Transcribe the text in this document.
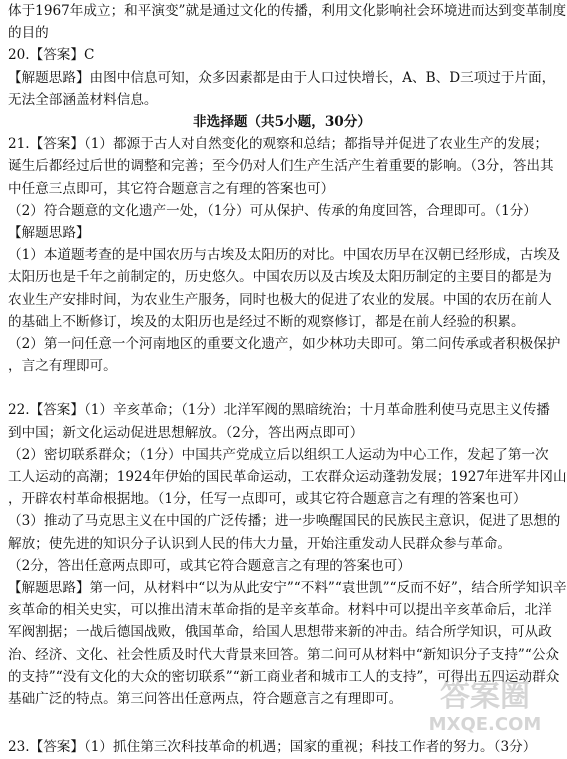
体于1967年成立；和平演变”就是通过文化的传播，利用文化影响社会环境进而达到变革制度

的目的

20.【答案】C

【解题思路】由图中信息可知，众多因素都是由于人口过快增长，A、B、D三项过于片面，

无法全部涵盖材料信息。

非选择题（共5小题，30分）

21.【答案】（1）都源于古人对自然变化的观察和总结；都指导并促进了农业生产的发展；

诞生后都经过后世的调整和完善；至今仍对人们生产生活产生着重要的影响。（3分，答出其

中任意三点即可，其它符合题意言之有理的答案也可）

（2）符合题意的文化遗产一处，（1分）可从保护、传承的角度回答，合理即可。（1分）

【解题思路】

（1）本道题考查的是中国农历与古埃及太阳历的对比。中国农历早在汉朝已经形成，古埃及

太阳历也是千年之前制定的，历史悠久。中国农历以及古埃及太阳历制定的主要目的都是为

农业生产安排时间，为农业生产服务，同时也极大的促进了农业的发展。中国的农历在前人

的基础上不断修订，埃及的太阳历也是经过不断的观察修订，都是在前人经验的积累。

（2）第一问任意一个河南地区的重要文化遗产，如少林功夫即可。第二问传承或者积极保护

，言之有理即可。

22.【答案】（1）辛亥革命；（1分）北洋军阀的黑暗统治；十月革命胜利使马克思主义传播

到中国；新文化运动促进思想解放。（2分，答出两点即可）

（2）密切联系群众；（1分）中国共产党成立后以组织工人运动为中心工作，发起了第一次

工人运动的高潮；1924年伊始的国民革命运动，工农群众运动蓬勃发展；1927年进军井冈山

，开辟农村革命根据地。（1分，任写一点即可，或其它符合题意言之有理的答案也可）

（3）推动了马克思主义在中国的广泛传播；进一步唤醒国民的民族民主意识，促进了思想的

解放；使先进的知识分子认识到人民的伟大力量，开始注重发动人民群众参与革命。

（2分，答出任意两点即可，或其它符合题意言之有理的答案也可）

【解题思路】第一问，从材料中“以为从此安宁”“不料”“袁世凯”“反而不好”，结合所学知识辛

亥革命的相关史实，可以推出清末革命指的是辛亥革命。材料中可以提出辛亥革命后，北洋

军阀割据；一战后德国战败，俄国革命，给国人思想带来新的冲击。结合所学知识，可从政

治、经济、文化、社会性质及时代大背景来回答。第二问可从材料中“新知识分子支持”“公众

的支持”“没有文化的大众的密切联系”“新工商业者和城市工人的支持”，可得出五四运动群众

基础广泛的特点。第三问答出任意两点，符合题意言之有理即可。

23.【答案】（1）抓住第三次科技革命的机遇；国家的重视；科技工作者的努力。（3分）

答案圈
MXQE.COM
